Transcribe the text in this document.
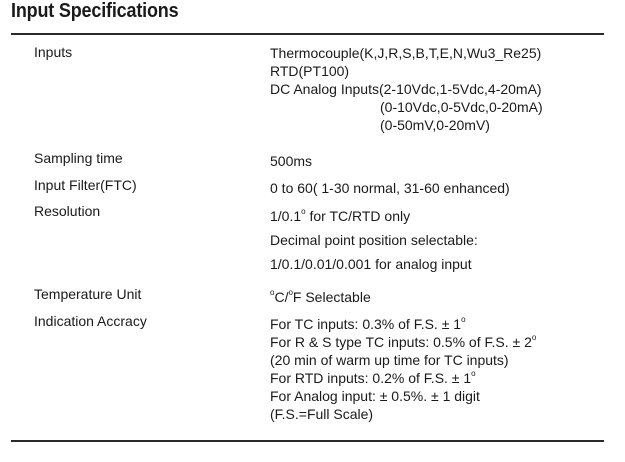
Input Specifications
Inputs	Thermocouple(K,J,R,S,B,T,E,N,Wu3_Re25)
RTD(PT100)
DC Analog Inputs(2-10Vdc,1-5Vdc,4-20mA)
(0-10Vdc,0-5Vdc,0-20mA)
(0-50mV,0-20mV)
Sampling time	500ms
Input Filter(FTC)	0 to 60( 1-30 normal, 31-60 enhanced)
Resolution	1/0.1$^o$ for TC/RTD only
Decimal point position selectable:
1/0.1/0.01/0.001 for analog input
Temperature Unit	$^o$C/$^o$F Selectable
Indication Accracy	For TC inputs: 0.3% of F.S. ± $1^o$
For R & S type TC inputs: 0.5% of F.S. ± $2^o$
(20 min of warm up time for TC inputs)
For RTD inputs: 0.2% of F.S. ± $1^o$
For Analog input: ± 0.5%. ± 1 digit
(F.S.=Full Scale)
